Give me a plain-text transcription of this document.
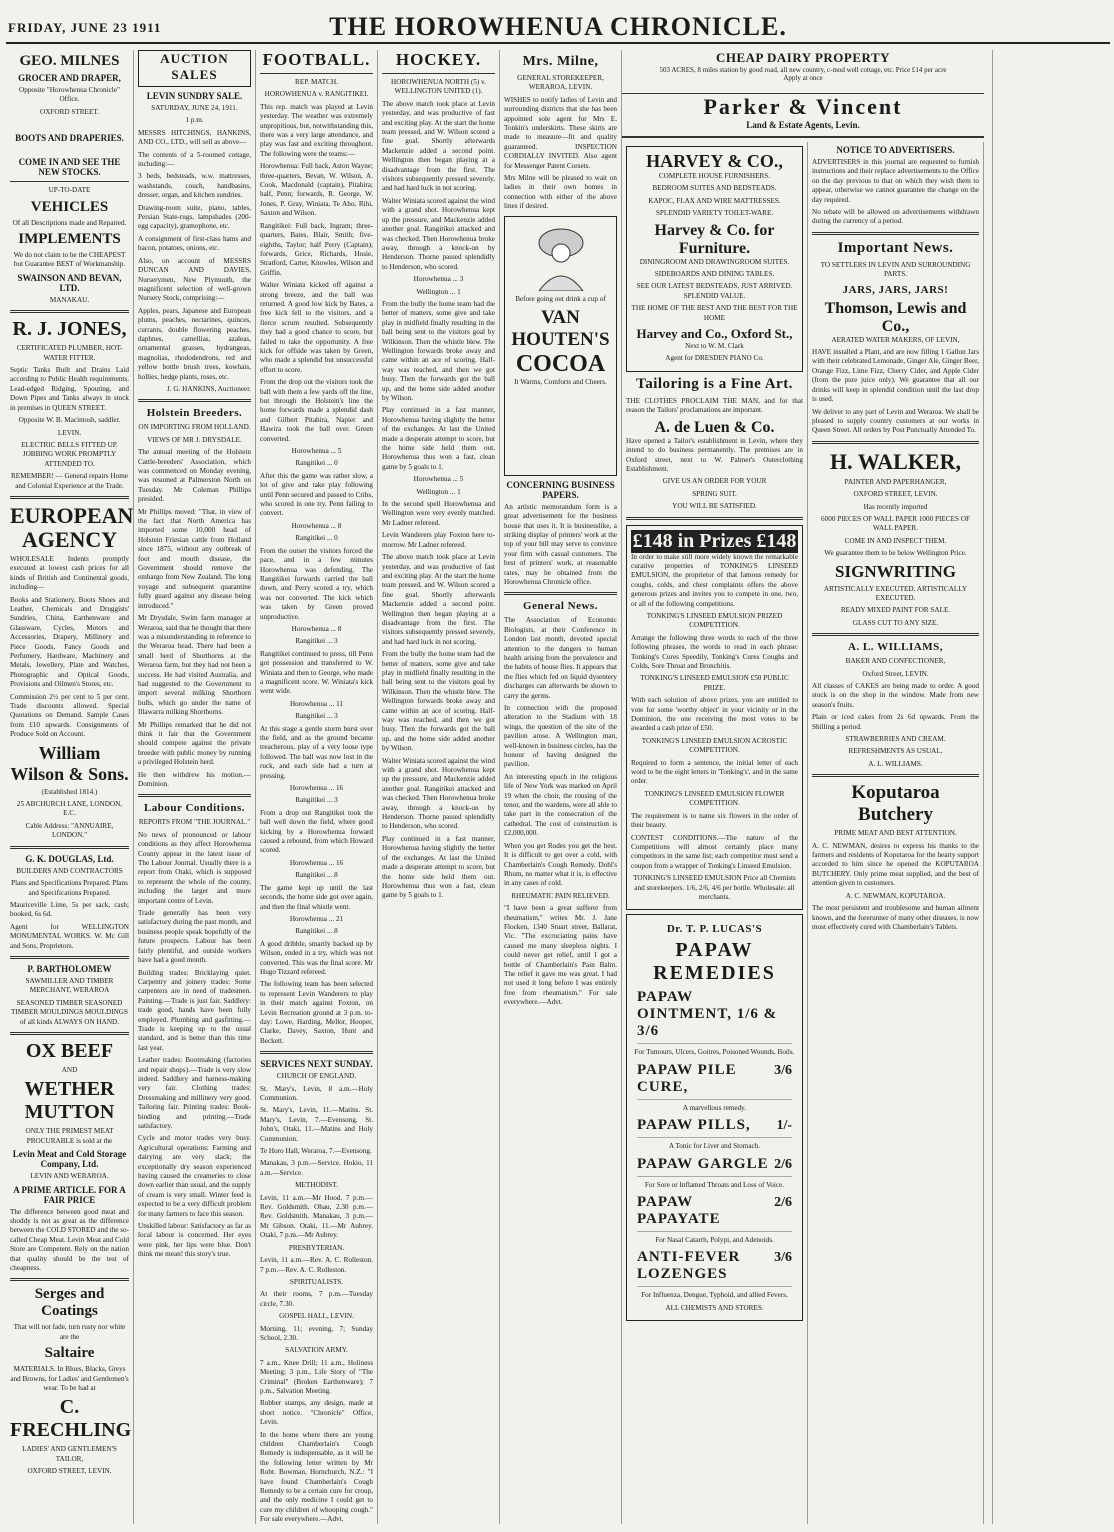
FRIDAY, JUNE 23 1911	THE HOROWHENUA CHRONICLE.
GEO. MILNES
GROCER AND DRAPER,

Opposite "Horowhenua Chronicle" Office.

OXFORD STREET.

BOOTS AND DRAPERIES.
COME IN AND SEE THE NEW STOCKS.

UP-TO-DATE

VEHICLES

Of all Descriptions made and Repaired.

IMPLEMENTS

We do not claim to be the CHEAPEST but Guarantee BEST of Workmanship.

SWAINSON AND BEVAN, LTD.

MANAKAU.

R. J. JONES,

CERTIFICATED PLUMBER, HOT-WATER FITTER.

Septic Tanks Built and Drains Laid according to Public Health requirements. Lead-edged Ridging, Spouting, and Down Pipes and Tanks always in stock in premises in QUEEN STREET.

Opposite W. B. Macintosh, saddler.

LEVIN.

ELECTRIC BELLS FITTED UP. JOBBING WORK PROMPTLY ATTENDED TO.

REMEMBER! — General repairs Home and Colonial Experience at the Trade.

EUROPEAN AGENCY

WHOLESALE Indents promptly executed at lowest cash prices for all kinds of British and Continental goods, including—

Books and Stationery, Boots Shoes and Leather, Chemicals and Druggists' Sundries, China, Earthenware and Glassware, Cycles, Motors and Accessories, Drapery, Millinery and Piece Goods, Fancy Goods and Perfumery, Hardware, Machinery and Metals, Jewellery, Plate and Watches, Photographic and Optical Goods, Provisions and Oilmen's Stores, etc.

Commission 2½ per cent to 5 per cent. Trade discounts allowed. Special Quotations on Demand. Sample Cases from £10 upwards. Consignments of Produce Sold on Account.

William Wilson & Sons.

(Established 1814.)

25 ABCHURCH LANE, LONDON, E.C.

Cable Address: "ANNUAIRE, LONDON."

G. K. DOUGLAS, Ltd.

BUILDERS AND CONTRACTORS

Plans and Specifications Prepared. Plans and Specifications Prepared.

Mauriceville Lime, 5s per sack, cash; booked, 6s 6d.

Agent for WELLINGTON MONUMENTAL WORKS. W. Mc Gill and Sons, Proprietors.

P. BARTHOLOMEW

SAWMILLER AND TIMBER MERCHANT, WERAROA

SEASONED TIMBER SEASONED TIMBER MOULDINGS MOULDINGS of all kinds ALWAYS ON HAND.

OX BEEF

AND

WETHER MUTTON

ONLY THE PRIMEST MEAT PROCURABLE is sold at the

Levin Meat and Cold Storage Company, Ltd.

LEVIN AND WERAROA.

A PRIME ARTICLE. FOR A FAIR PRICE

The difference between good meat and shoddy is not as great as the difference between the COLD STORED and the so-called Cheap Meat. Levin Meat and Cold Store are Competent. Rely on the nation that quality should be the test of cheapness.

Serges and Coatings

That will not fade, turn rusty nor white are the

Saltaire

MATERIALS. In Blues, Blacks, Greys and Browns, for Ladies' and Gentlemen's wear. To be had at

C. FRECHLING

LADIES' AND GENTLEMEN'S TAILOR,

OXFORD STREET, LEVIN.

AUCTION SALES
LEVIN SUNDRY SALE.

SATURDAY, JUNE 24, 1911.

1 p.m.

MESSRS HITCHINGS, HANKINS, AND CO., LTD., will sell as above—

The contents of a 5-roomed cottage, including:—

3 beds, bedsteads, w.w. mattresses, washstands, couch, handbasins, dresser, organ, and kitchen sundries.

Drawing-room suite, piano, tables, Persian State-rugs, lampshades (200-egg capacity), gramophone, etc.

A consignment of first-class hams and bacon, potatoes, onions, etc.

Also, on account of MESSRS DUNCAN AND DAVIES, Nurserymen, New Plymouth, the magnificent selection of well-grown Nursery Stock, comprising:—

Apples, pears, Japanese and European plums, peaches, nectarines, quinces, currants, double flowering peaches, daphnes, camellias, azaleas, ornamental grasses, hydrangeas, magnolias, rhododendrons, red and yellow bottle brush trees, kowhais, hollies, hedge plants, roses, etc.

J. G. HANKINS, Auctioneer.

Holstein Breeders.

ON IMPORTING FROM HOLLAND.

VIEWS OF MR J. DRYSDALE.

The annual meeting of the Holstein Cattle-breeders' Association, which was commenced on Monday evening, was resumed at Palmerston North on Tuesday. Mr Coleman Phillips presided.

Mr Phillips moved: "That, in view of the fact that North America has imported some 10,000 head of Holstein Friesian cattle from Holland since 1875, without any outbreak of foot and mouth disease, the Government should remove the embargo from New Zealand. The long voyage and subsequent quarantine fully guard against any disease being introduced."

Mr Drysdale, Swim farm manager at Weraroa, said that he thought that there was a misunderstanding in reference to the Weraroa head. There had been a small herd of Shorthorns at the Weraroa farm, but they had not been a success. He had visited Australia, and had suggested to the Government to import several milking Shorthorn bulls, which go under the name of Illawarra milking Shorthorns.

Mr Phillips remarked that he did not think it fair that the Government should compete against the private breeder with public money by running a privileged Holstein herd.

He then withdrew his motion.—Dominion.

Labour Conditions.

REPORTS FROM "THE JOURNAL."

No news of pronounced or labour conditions as they affect Horowhenua County appear in the latest issue of The Labour Journal. Usually there is a report from Otaki, which is supposed to represent the whole of the county, including the larger and more important centre of Levin.

Trade generally has been very satisfactory during the past month, and business people speak hopefully of the future prospects. Labour has been fairly plentiful, and outside workers have had a good month.

Building trades: Bricklaying quiet. Carpentry and joinery trades: Some carpenters are in need of tradesmen. Painting.—Trade is just fair. Saddlery: trade good, hands have been fully employed. Plumbing and gasfitting.—Trade is keeping up to the usual standard, and is better than this time last year.

Leather trades: Bootmaking (factories and repair shops).—Trade is very slow indeed. Saddlery and harness-making very fair. Clothing trades: Dressmaking and millinery very good. Tailoring fair. Printing trades: Book-binding and printing.—Trade satisfactory.

Cycle and motor trades very busy. Agricultural operations: Farming and dairying are very slack; the exceptionally dry season experienced having caused the creameries to close down earlier than usual, and the supply of cream is very small. Winter feed is expected to be a very difficult problem for many farmers to face this season.

Unskilled labour: Satisfactory as far as local labour is concerned. Her eyes were pink, her lips were blue. Don't think me mean! this story's true.

FOOTBALL.

REP. MATCH.

HOROWHENUA v. RANGITIKEI.

This rep. match was played at Levin yesterday. The weather was extremely unpropitious, but, notwithstanding this, there was a very large attendance, and play was fast and exciting throughout. The following were the teams:—

Horowhenua: Full back, Aston Wayne; three-quarters, Bevan, W. Wilson, A. Cook, Macdonald (captain), Pitahira; half, Penn; forwards, R. George, W. Jones, P. Gray, Winiata, Te Aho, Rihi, Saxton and Wilson.

Rangitikei: Full back, Ingram; three-quarters, Bates, Blair, Smith; five-eighths, Taylor; half Perry (Captain); forwards, Grice, Richards, Hosie, Stratford, Carter, Knowles, Wilson and Griffin.

Walter Winiata kicked off against a strong breeze, and the ball was returned. A good low kick by Bates, a free kick fell to the visitors, and a fierce scrum resulted. Subsequently they had a good chance to score, but failed to take the opportunity. A free kick for offside was taken by Green, who made a splendid but unsuccessful effort to score.

From the drop out the visitors took the ball with them a few yards off the line, but through the Holstein's line the home forwards made a splendid dash and Gilbert Pitahira, Napier and Hawira took the ball over. Green converted.

Horowhenua ... 5

Rangitikei ... 0

After this the game was rather slow, a lot of give and take play following until Penn secured and passed to Cribs, who scored in one try. Penn failing to convert.

Horowhenua ... 8

Rangitikei ... 0

From the outset the visitors forced the pace, and in a few minutes Horowhenua was defending. The Rangitikei forwards carried the ball down, and Perry scored a try, which was not converted. The kick which was taken by Green proved unproductive.

Horowhenua ... 8

Rangitikei ... 3

Rangitikei continued to press, till Penn got possession and transferred to W. Winiata and then to George, who made a magnificent score. W. Winiata's kick went wide.

Horowhenua ... 11

Rangitikei ... 3

At this stage a gentle storm burst over the field, and as the ground became treacherous, play of a very loose type followed. The ball was now lost in the ruck, and each side had a turn at pressing.

Horowhenua ... 16

Rangitikei ... 3

From a drop out Rangitikei took the ball well down the field, where good kicking by a Horowhenua forward caused a rebound, from which Howard scored.

Horowhenua ... 16

Rangitikei ... 8

The game kept up until the last seconds, the home side got over again, and then the final whistle went.

Horowhenua ... 21

Rangitikei ... 8

A good dribble, smartly backed up by Wilson, ended in a try, which was not converted. This was the final score. Mr Hugo Tizzard refereed.

The following team has been selected to represent Levin Wanderers to play in their match against Foxton, on Levin Recreation ground at 3 p.m. to-day: Lowe, Harding, Mellor, Hooper, Clarke, Davey, Saxton, Hunt and Beckett.

SERVICES NEXT SUNDAY.

CHURCH OF ENGLAND.

St. Mary's, Levin, 8 a.m.—Holy Communion.

St. Mary's, Levin, 11.—Matins. St. Mary's, Levin, 7.—Evensong. St. John's, Otaki, 11.—Matins and Holy Communion.

Te Horo Hall, Weraroa, 7.—Evensong.

Manakau, 3 p.m.—Service. Hokio, 11 a.m.—Service.

METHODIST.

Levin, 11 a.m.—Mr Hood. 7 p.m.—Rev. Goldsmith. Ohau, 2.30 p.m.—Rev. Goldsmith. Manakau, 3 p.m.—Mr Gibson. Otaki, 11.—Mr Aubrey. Otaki, 7 p.m.—Mr Aubrey.

PRESBYTERIAN.

Levin, 11 a.m.—Rev. A. C. Rolleston. 7 p.m.—Rev. A. C. Rolleston.

SPIRITUALISTS.

At their rooms, 7 p.m.—Tuesday circle, 7.30.

GOSPEL HALL, LEVIN.

Morning, 11; evening, 7; Sunday School, 2.30.

SALVATION ARMY.

7 a.m., Knee Drill; 11 a.m., Holiness Meeting; 3 p.m., Life Story of "The Criminal" (Broken Earthenware); 7 p.m., Salvation Meeting.

Rubber stamps, any design, made at short notice. "Chronicle" Office, Levin.

In the home where there are young children Chamberlain's Cough Remedy is indispensable, as it will be the following letter written by Mr Robt. Bowman, Hornchurch, N.Z.: "I have found Chamberlain's Cough Remedy to be a certain cure for croup, and the only medicine I could get to cure my children of whooping cough." For sale everywhere.—Advt.

HOCKEY.

HOROWHENUA NORTH (5) v. WELLINGTON UNITED (1).

The above match took place at Levin yesterday, and was productive of fast and exciting play. At the start the home team pressed, and W. Wilson scored a fine goal. Shortly afterwards Mackenzie added a second point. Wellington then began playing at a disadvantage from the first. The visitors subsequently pressed severely, and had hard luck in not scoring.

Walter Winiata scored against the wind with a grand shot. Horowhenua kept up the pressure, and Mackenzie added another goal. Rangitikei attacked and was checked. Then Horowhenua broke away, through a knock-on by Henderson. Thorne passed splendidly to Henderson, who scored.

Horowhenua ... 3

Wellington ... 1

From the bully the home team had the better of matters, some give and take play in midfield finally resulting in the ball being sent to the visitors goal by Wilkinson. Then the whistle blew. The Wellington forwards broke away and came within an ace of scoring. Half-way was reached, and then we got busy. Then the forwards got the ball up, and the home side added another by Wilson.

Play continued in a fast manner, Horowhenua having slightly the better of the exchanges. At last the United made a desperate attempt to score, but the home side held them out. Horowhenua thus won a fast, clean game by 5 goals to 1.

Horowhenua ... 5

Wellington ... 1

In the second spell Horowhenua and Wellington were very evenly matched. Mr Ladner refereed.

Levin Wanderers play Foxton here to-morrow. Mr Ladner refereed.

The above match took place at Levin yesterday, and was productive of fast and exciting play. At the start the home team pressed, and W. Wilson scored a fine goal. Shortly afterwards Mackenzie added a second point. Wellington then began playing at a disadvantage from the first. The visitors subsequently pressed severely, and had hard luck in not scoring.

From the bully the home team had the better of matters, some give and take play in midfield finally resulting in the ball being sent to the visitors goal by Wilkinson. Then the whistle blew. The Wellington forwards broke away and came within an ace of scoring. Half-way was reached, and then we got busy. Then the forwards got the ball up, and the home side added another by Wilson.

Walter Winiata scored against the wind with a grand shot. Horowhenua kept up the pressure, and Mackenzie added another goal. Rangitikei attacked and was checked. Then Horowhenua broke away, through a knock-on by Henderson. Thorne passed splendidly to Henderson, who scored.

Play continued in a fast manner, Horowhenua having slightly the better of the exchanges. At last the United made a desperate attempt to score, but the home side held them out. Horowhenua thus won a fast, clean game by 5 goals to 1.

Mrs. Milne,

GENERAL STOREKEEPER, WERAROA, LEVIN.

WISHES to notify ladies of Levin and surrounding districts that she has been appointed sole agent for Mrs E. Tonkin's underskirts. These skirts are made to measure—fit and quality guaranteed. INSPECTION CORDIALLY INVITED. Also agent for Messenger Patent Corsets.

Mrs Milne will be pleased to wait on ladies in their own homes in connection with either of the above lines if desired.

Before going out drink a cup of

VAN HOUTEN'S
COCOA

It Warms, Comforts and Cheers.

CONCERNING BUSINESS PAPERS.

An artistic memorandum form is a great advertisement for the business house that uses it. It is businesslike, a striking display of printers' work at the top of your bill may serve to convince your firm with casual customers. The best of printers' work, at reasonable rates, may be obtained from the Horowhenua Chronicle office.

General News.

The Association of Economic Biologists, at their Conference in London last month, devoted special attention to the dangers to human health arising from the prevalence and the habits of house flies. It appears that the flies which fed on liquid dysentery discharges can afterwards be shown to carry the germs.

In connection with the proposed alteration to the Stadium with 18 wings, the question of the site of the pavilion arose. A Wellington man, well-known in business circles, has the honour of having designed the pavilion.

An interesting epoch in the religious life of New York was marked on April 19 when the choir, the rousing of the tenor, and the wardens, were all able to take part in the consecration of the cathedral. The cost of construction is £2,000,000.

When you get Rodes you get the best. It is difficult to get over a cold, with Chamberlain's Cough Remedy. Dohl's Rhum, no matter what it is, is effective in any cases of cold.

RHEUMATIC PAIN RELIEVED.

"I have been a great sufferer from rheumatism," writes Mr. J. Jane Flocken, 1340 Stuart street, Ballarat, Vic. "The excruciating pains have caused me many sleepless nights. I could never get relief, until I got a bottle of Chamberlain's Pain Balm. The relief it gave me was great. I had not used it long before I was entirely free from rheumatism." For sale everywhere.—Advt.

CHEAP DAIRY PROPERTY

503 ACRES, 8 miles station by good road, all new country, c-mod well cottage, etc. Price £14 per acre

Apply at once

Parker & Vincent
Land & Estate Agents, Levin.
HARVEY & CO.,

COMPLETE HOUSE FURNISHERS.

BEDROOM SUITES AND BEDSTEADS.

KAPOC, FLAX AND WIRE MATTRESSES.

SPLENDID VARIETY TOILET-WARE.

Harvey & Co. for Furniture.

DININGROOM AND DRAWINGROOM SUITES.

SIDEBOARDS AND DINING TABLES.

SEE OUR LATEST BEDSTEADS, JUST ARRIVED. SPLENDID VALUE.

THE HOME OF THE BEST AND THE BEST FOR THE HOME

Harvey and Co., Oxford St.,

Next to W. M. Clark

Agent for DRESDEN PIANO Co.

Tailoring is a Fine Art.

THE CLOTHES PROCLAIM THE MAN, and for that reason the Tailors' proclamations are important.

A. de Luen & Co.

Have opened a Tailor's establishment in Levin, where they intend to do business permanently. The premises are in Oxford street, next to W. Palmer's Outerclothing Establishment.

GIVE US AN ORDER FOR YOUR

SPRING SUIT.

YOU WILL BE SATISFIED.

£148 in Prizes £148

In order to make still more widely known the remarkable curative properties of TONKING'S LINSEED EMULSION, the proprietor of that famous remedy for coughs, colds, and chest complaints offers the above generous prizes and invites you to compete in one, two, or all of the following competitions.

TONKING'S LINSEED EMULSION PRIZED COMPETITION.

Arrange the following three words to each of the three following phrases, the words to read in each phrase: Tonking's Cures Speedily, Tonking's Cures Coughs and Colds, Sore Throat and Bronchitis.

TONKING'S LINSEED EMULSION £50 PUBLIC PRIZE.

With each solution of above prizes, you are entitled to vote for some 'worthy object' in your vicinity or in the Dominion, the one receiving the most votes to be awarded a cash prize of £50.

TONKING'S LINSEED EMULSION ACROSTIC COMPETITION.

Required to form a sentence, the initial letter of each word to be the eight letters in 'Tonking's', and in the same order.

TONKING'S LINSEED EMULSION FLOWER COMPETITION.

The requirement is to name six flowers in the order of their beauty.

CONTEST CONDITIONS.—The nature of the Competitions will almost certainly place many competitors in the same list; each competitor must send a coupon from a wrapper of Tonking's Linseed Emulsion.

TONKING'S LINSEED EMULSION Price all Chemists and storekeepers. 1/6, 2/6, 4/6 per bottle. Wholesale: all merchants.

Dr. T. P. LUCAS'S
PAPAW REMEDIES
PAPAW OINTMENT, 1/6 & 3/6

For Tumours, Ulcers, Goitres, Poisoned Wounds, Boils.

PAPAW PILE CURE,
3/6

A marvellous remedy.

PAPAW PILLS, 1/-

A Tonic for Liver and Stomach.

PAPAW GARGLE 2/6

For Sore or Inflamed Throats and Loss of Voice.

PAPAW PAPAYATE
2/6

For Nasal Catarrh, Polypi, and Adenoids.

ANTI-FEVER LOZENGES
3/6

For Influenza, Dengue, Typhoid, and allied Fevers.

ALL CHEMISTS AND STORES.

NOTICE TO ADVERTISERS.

ADVERTISERS in this journal are requested to furnish instructions and their replace advertisements to the Office on the day previous to that on which they wish them to appear, otherwise we cannot guarantee the change on the day required.

No rebate will be allowed on advertisements withdrawn during the currency of a period.

Important News.

TO SETTLERS IN LEVIN AND SURROUNDING PARTS.

JARS, JARS, JARS!
Thomson, Lewis and Co.,

AERATED WATER MAKERS, OF LEVIN,

HAVE installed a Plant, and are now filling 1 Gallon Jars with their celebrated Lemonade, Ginger Ale, Ginger Beer, Orange Fizz, Lime Fizz, Cherry Cider, and Apple Cider (from the pure juice only). We guarantee that all our drinks will keep in splendid condition until the last drop is used.

We deliver to any part of Levin and Weraroa. We shall be pleased to supply country customers at our works in Queen Street. All orders by Post Punctually Attended To.

H. WALKER,

PAINTER AND PAPERHANGER,

OXFORD STREET, LEVIN.

Has recently imported

6000 PIECES OF WALL PAPER 1000 PIECES OF WALL PAPER.

COME IN AND INSPECT THEM.

We guarantee them to be below Wellington Price.

SIGNWRITING

ARTISTICALLY EXECUTED. ARTISTICALLY EXECUTED.

READY MIXED PAINT FOR SALE.

GLASS CUT TO ANY SIZE.

A. L. WILLIAMS,

BAKER AND CONFECTIONER,

Oxford Street, LEVIN.

All classes of CAKES are being made to order. A good stock is on the shop in the window. Made from new season's fruits.

Plain or iced cakes from 2s 6d upwards. From the Shilling a period.

STRAWBERRIES AND CREAM.

REFRESHMENTS AS USUAL.

A. L. WILLIAMS.

Koputaroa Butchery

PRIME MEAT AND BEST ATTENTION.

A. C. NEWMAN, desires to express his thanks to the farmers and residents of Koputaroa for the hearty support accorded to him since he opened the KOPUTAROA BUTCHERY. Only prime meat supplied, and the best of attention given to customers.

A. C. NEWMAN, KOPUTAROA.

The most persistent and troublesome and human ailment known, and the forerunner of many other diseases, is now most effectively cured with Chamberlain's Tablets.
